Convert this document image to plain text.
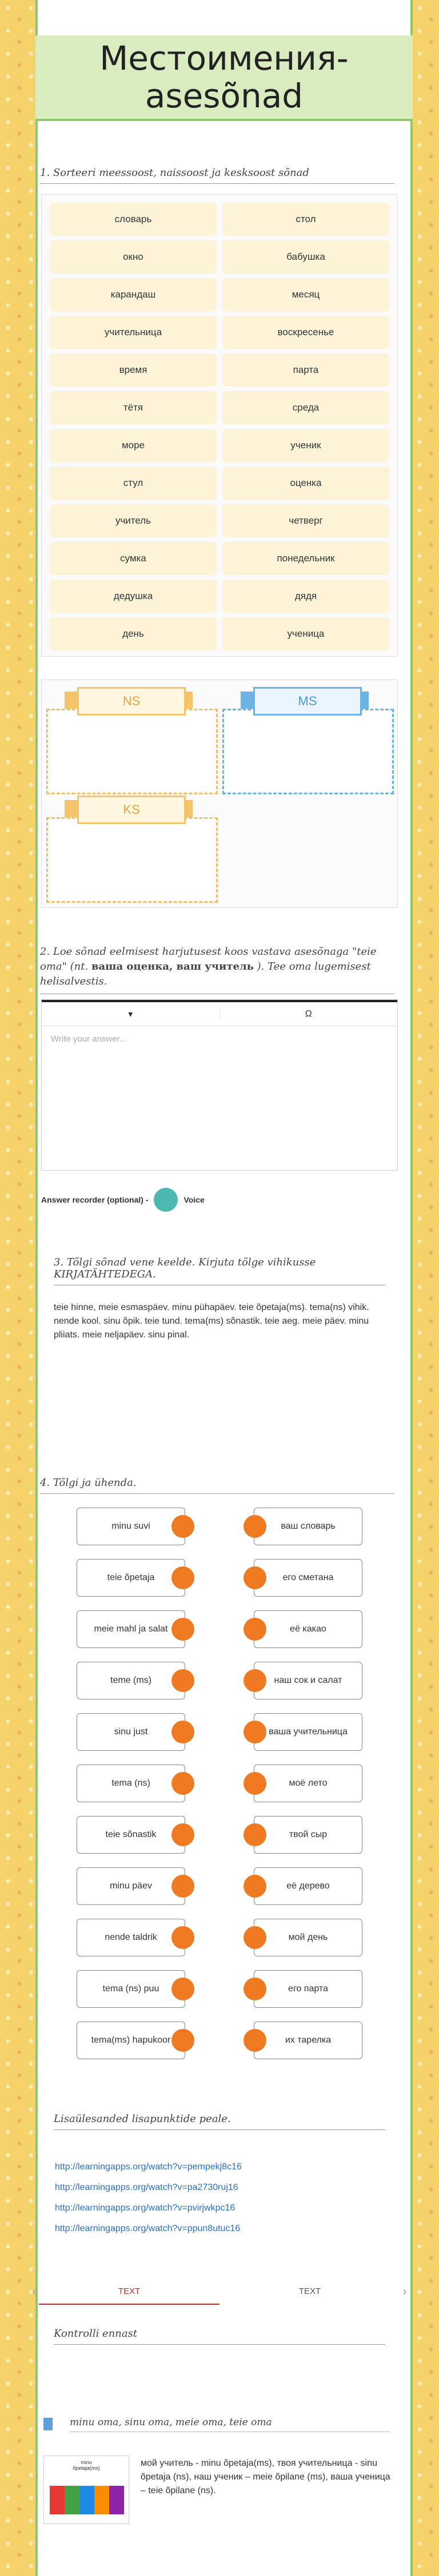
Местоимения-
asesõnad
1. Sorteeri meessoost, naissoost ja kesksoost sõnad
словарь	стол
окно	бабушка
карандаш	месяц
учительница	воскресенье
время	парта
тётя	среда
море	ученик
стул	оценка
учитель	четверг
сумка	понедельник
дедушка	дядя
день	ученица
NS	MS
KS
2. Loe sõnad eelmisest harjutusest koos vastava asesõnaga "teie oma" (nt. ваша оценка, ваш учитель ). Tee oma lugemisest helisalvestis.
▾	Ω
Write your answer...
Answer recorder (optional) -	Voice
3. Tõlgi sõnad vene keelde. Kirjuta tõlge vihikusse KIRJATÄHTEDEGA.
teie hinne, meie esmaspäev. minu pühapäev. teie õpetaja(ms). tema(ns) vihik. nende kool. sinu õpik. teie tund. tema(ms) sõnastik. teie aeg. meie päev. minu pliiats. meie neljapäev. sinu pinal.
4. Tõlgi ja ühenda.
minu suvi	ваш словарь
teie õpetaja	его сметана
meie mahl ja salat	её какао
teme (ms)	наш сок и салат
sinu just	ваша учительница
tema (ns)	моё лето
teie sõnastik	твой сыр
minu päev	её дерево
nende taldrik	мой день
tema (ns) puu	его парта
tema(ms) hapukoor	их тарелка
Lisaülesanded lisapunktide peale.
http://learningapps.org/watch?v=pempekj8c16
http://learningapps.org/watch?v=pa2730ruj16
http://learningapps.org/watch?v=pvirjwkpc16
http://learningapps.org/watch?v=ppun8utuc16
‹	TEXT	TEXT	›
Kontrolli ennast
minu oma, sinu oma, meie oma, teie oma
minu
õpetaja(ms)	мой учитель - minu õpetaja(ms), твоя учительница - sinu õpetaja (ns), наш ученик – meie õpilane (ms), ваша ученица – teie õpilane (ns).
